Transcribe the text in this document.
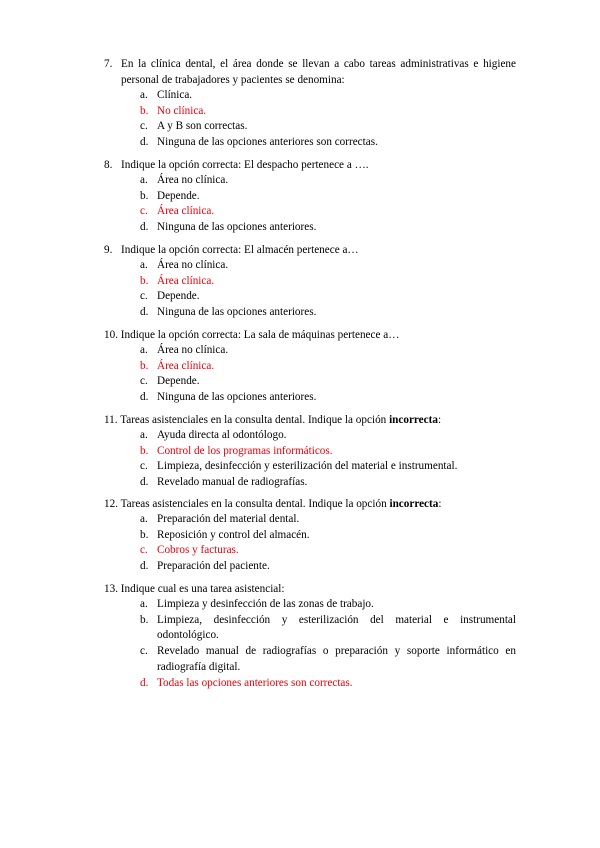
7. En la clínica dental, el área donde se llevan a cabo tareas administrativas e higiene personal de trabajadores y pacientes se denomina:
a. Clínica.
b. No clínica.
c. A y B son correctas.
d. Ninguna de las opciones anteriores son correctas.
8. Indique la opción correcta: El despacho pertenece a ….
a. Área no clínica.
b. Depende.
c. Área clínica.
d. Ninguna de las opciones anteriores.
9. Indique la opción correcta: El almacén pertenece a…
a. Área no clínica.
b. Área clínica.
c. Depende.
d. Ninguna de las opciones anteriores.
10. Indique la opción correcta: La sala de máquinas pertenece a…
a. Área no clínica.
b. Área clínica.
c. Depende.
d. Ninguna de las opciones anteriores.
11. Tareas asistenciales en la consulta dental. Indique la opción incorrecta:
a. Ayuda directa al odontólogo.
b. Control de los programas informáticos.
c. Limpieza, desinfección y esterilización del material e instrumental.
d. Revelado manual de radiografías.
12. Tareas asistenciales en la consulta dental. Indique la opción incorrecta:
a. Preparación del material dental.
b. Reposición y control del almacén.
c. Cobros y facturas.
d. Preparación del paciente.
13. Indique cual es una tarea asistencial:
a. Limpieza y desinfección de las zonas de trabajo.
b. Limpieza, desinfección y esterilización del material e instrumental odontológico.
c. Revelado manual de radiografías o preparación y soporte informático en radiografía digital.
d. Todas las opciones anteriores son correctas.
